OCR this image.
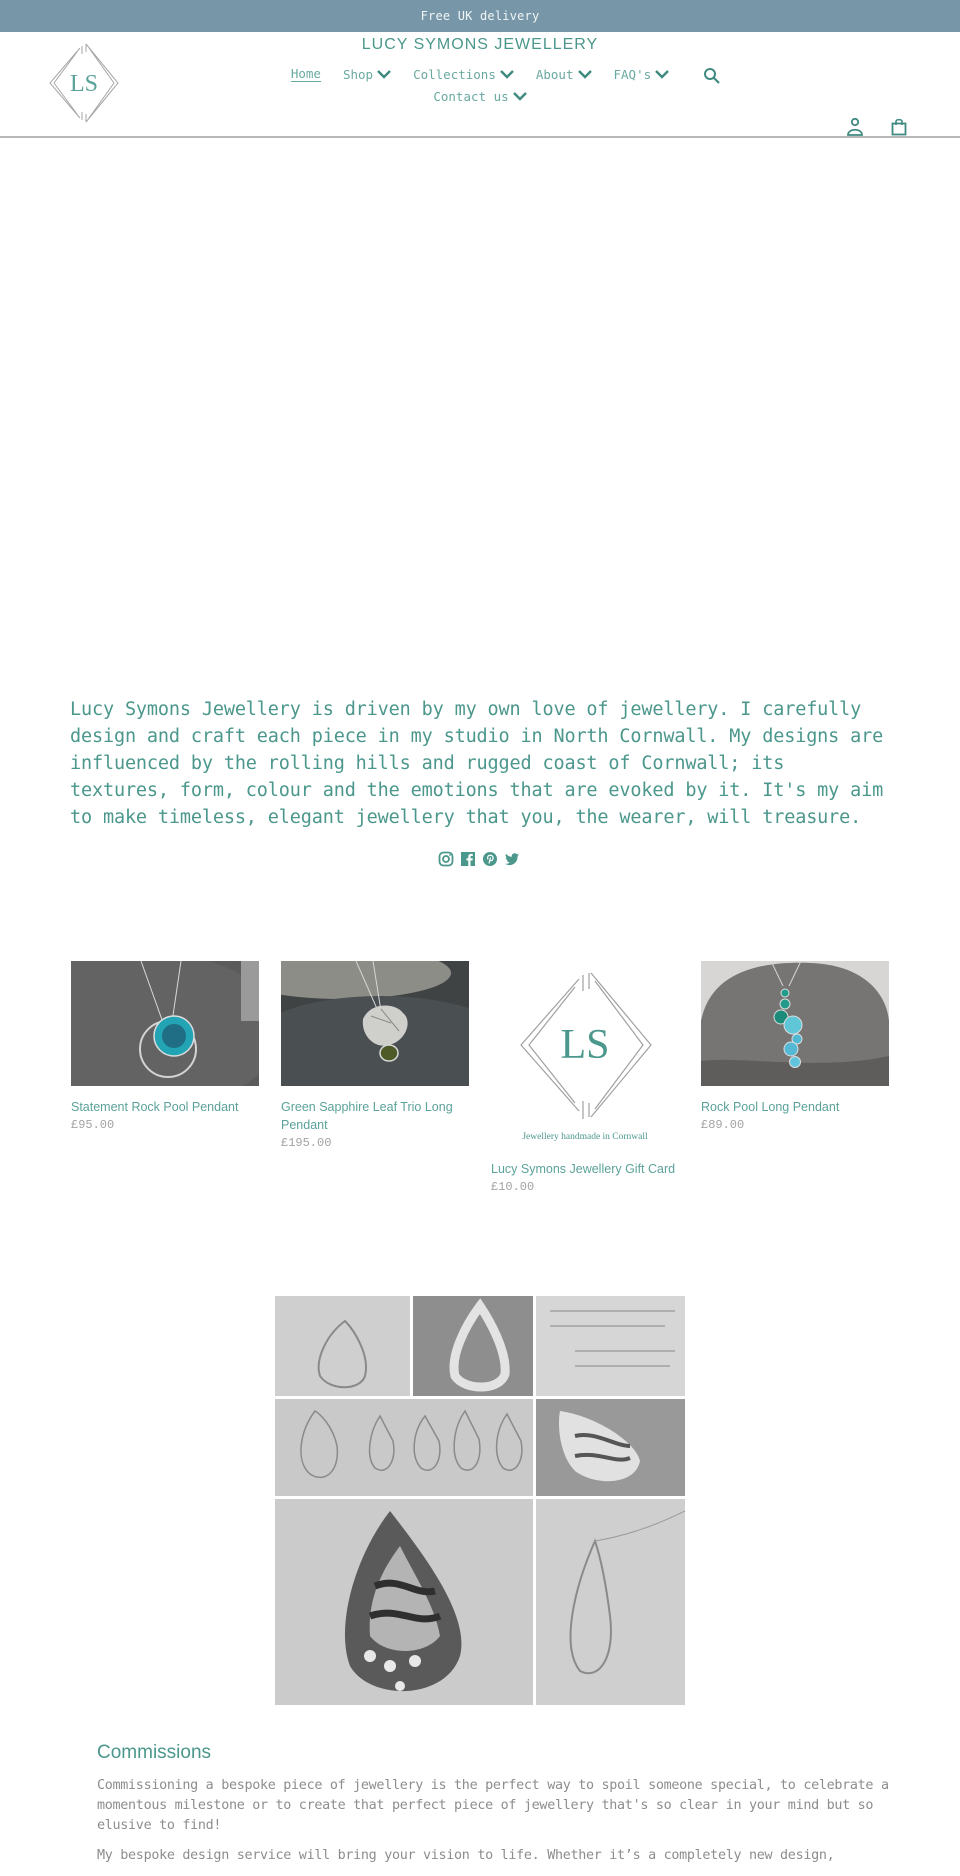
Free UK delivery
LS
LUCY SYMONS JEWELLERY
Home Shop	Collections	About	FAQ's
Contact us

Lucy Symons Jewellery is driven by my own love of jewellery. I carefully design and craft each piece in my studio in North Cornwall. My designs are influenced by the rolling hills and rugged coast of Cornwall; its textures, form, colour and the emotions that are evoked by it. It's my aim to make timeless, elegant jewellery that you, the wearer, will treasure.

Statement Rock Pool Pendant
£95.00
Green Sapphire Leaf Trio Long Pendant
£195.00
LS
Jewellery handmade in Cornwall
Lucy Symons Jewellery Gift Card
£10.00
Rock Pool Long Pendant
£89.00
Commissions

Commissioning a bespoke piece of jewellery is the perfect way to spoil someone special, to celebrate a momentous milestone or to create that perfect piece of jewellery that's so clear in your mind but so elusive to find!

My bespoke design service will bring your vision to life. Whether it’s a completely new design,
